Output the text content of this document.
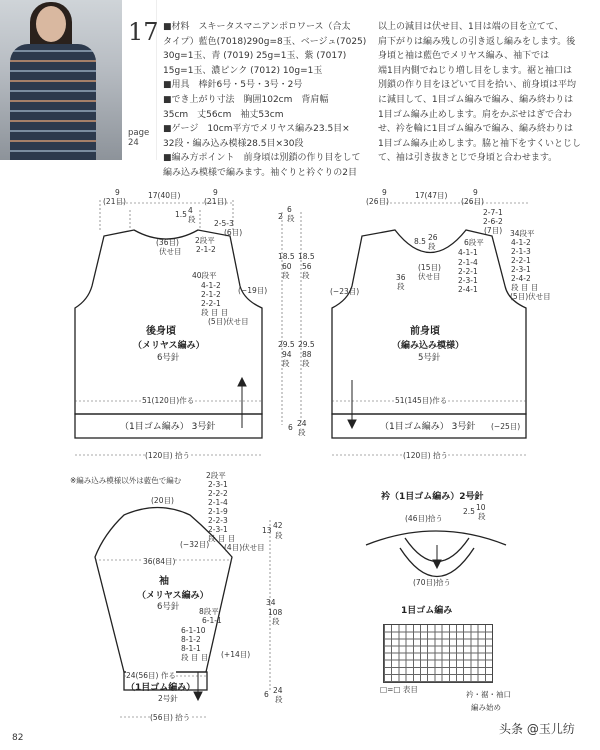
17
page
24

■材料　スキータスマニアンポロワース（合太

タイプ）藍色(7018)290g=8玉、ベージュ(7025)

30g=1玉、青 (7019) 25g=1玉、紫 (7017)

15g=1玉、濃ピンク (7012) 10g=1玉

■用具　棒針6号・5号・3号・2号

■でき上がり寸法　胸囲102cm　背肩幅

35cm　丈56cm　袖丈53cm

■ゲージ　10cm平方でメリヤス編み23.5目×

32段・編み込み模様28.5目×30段

■編み方ポイント　前身頃は別鎖の作り目をして

編み込み模様で編みます。袖ぐりと衿ぐりの2目

以上の減目は伏せ目、1目は端の目を立てて、

肩下がりは編み残しの引き返し編みをします。後

身頃と袖は藍色でメリヤス編み、袖下では

端1目内側でねじり増し目をします。裾と袖口は

別鎖の作り目をほどいて目を拾い、前身頃は平均

に減目して、1目ゴム編みで編み、編み終わりは

1目ゴム編み止めします。肩をかぶせはぎで合わ

せ、衿を輪に1目ゴム編みで編み、編み終わりは

1目ゴム編み止めします。脇と袖下をすくいとじし

て、袖は引き抜きとじで身頃と合わせます。

9
(21目)
17(40目)	9
(21目)
1.5 4
段 2-5-3
(6目)
(36目)
伏せ目
2段平
2-1-2
40段平
4-1-2
2-1-2
2-2-1
段 目 目
(5目)伏せ目
(−19目)
後身頃
（メリヤス編み）
6号針
51(120目)作る
（1目ゴム編み） 3号針
(120目) 拾う
2
6
段
18.5
60
段
18.5
56
段
29.5
94
段
29.5
88
段
6 24
段
9
(26目)
17(47目)	9
(26目)
8.5 26
段
36
段
6段平
4-1-1
2-1-4
2-2-1
2-3-1
2-4-1
(15目)
伏せ目
2-7-1
2-6-2
(7目) 34段平
4-1-2
2-1-3
2-2-1
2-3-1
2-4-2
段 目 目
(5目)伏せ目
(−23目)
前身頃
（編み込み模様）
5号針
51(145目)作る
（1目ゴム編み） 3号針 (−25目)
(120目) 拾う
※編み込み模様以外は藍色で編む
(20目)
2段平
2-3-1
2-2-2
2-1-4
2-1-9
2-2-3
2-3-1
段 目 目
(4目)伏せ目
(−32目)
36(84目)
袖
（メリヤス編み）
6号針	8段平
6-1-1
6-1-10
8-1-2
8-1-1
段 目 目 (+14目)
13
42
段
34
108
段
6 24
段
24(56目) 作る
（1目ゴム編み）
2号針
(56目) 拾う
衿（1目ゴム編み）2号針
(46目)拾う
2.5 10
段
(70目)拾う
1目ゴム編み
□=□ 表目
衿・裾・袖口
編み始め
82
头条 @玉儿纺
